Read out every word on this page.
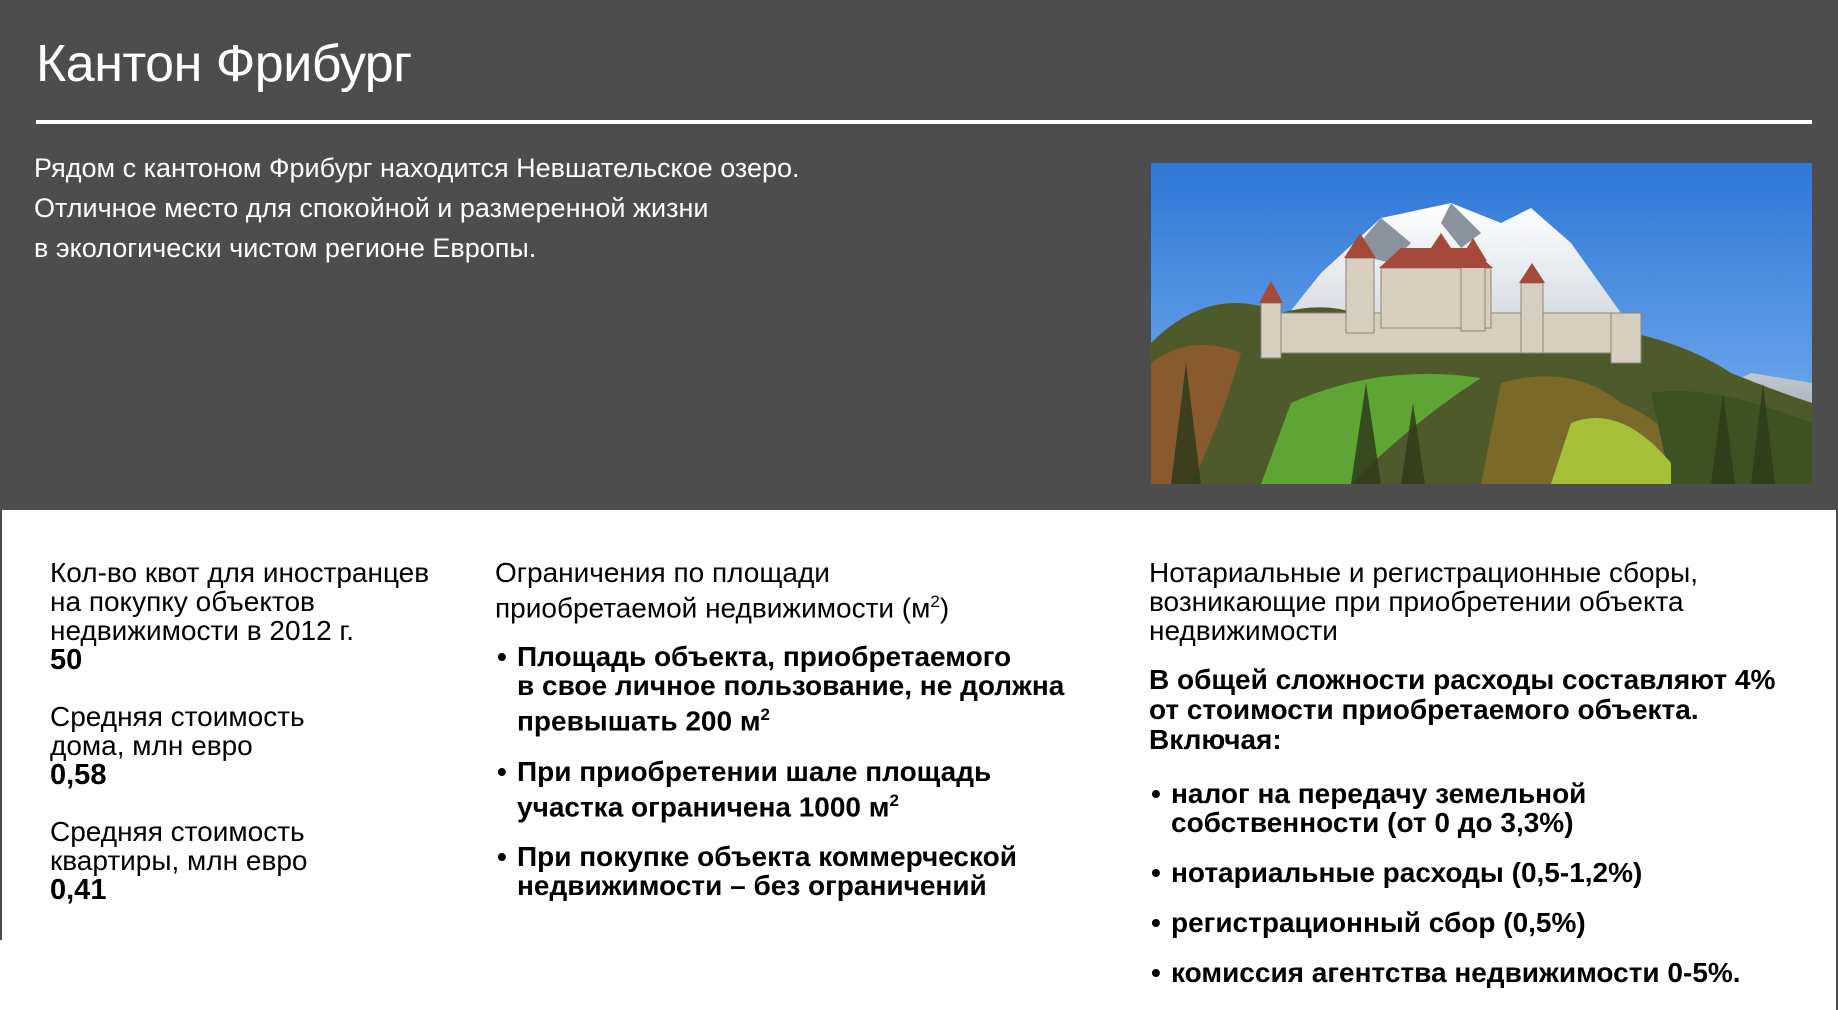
Кантон Фрибург

Рядом с кантоном Фрибург находится Невшательское озеро.

Отличное место для спокойной и размеренной жизни

в экологически чистом регионе Европы.

Кол-во квот для иностранцев
на покупку объектов
недвижимости в 2012 г.
50
Средняя стоимость
дома, млн евро
0,58
Средняя стоимость
квартиры, млн евро
0,41
Ограничения по площади
приобретаемой недвижимости $(м^2)$
• Площадь объекта, приобретаемого
в свое личное пользование, не должна
превышать 200 $м^2$
• При приобретении шале площадь
участка ограничена 1000 $м^2$
• При покупке объекта коммерческой
недвижимости – без ограничений
Нотариальные и регистрационные сборы,
возникающие при приобретении объекта
недвижимости
В общей сложности расходы составляют 4%
от стоимости приобретаемого объекта.
Включая:
• налог на передачу земельной
собственности (от 0 до 3,3%)
• нотариальные расходы (0,5-1,2%)
• регистрационный сбор (0,5%)
• комиссия агентства недвижимости 0-5%.
